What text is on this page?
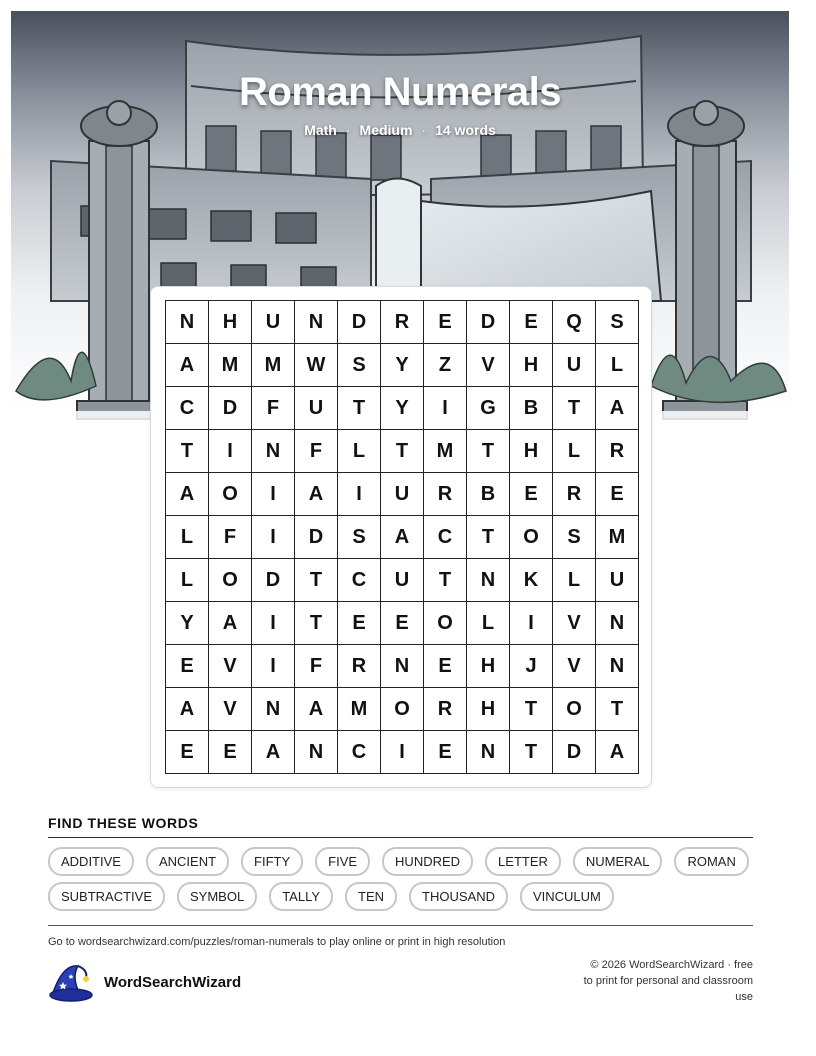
Roman Numerals
Math · Medium · 14 words
N	H	U	N	D	R	E	D	E	Q	S
A	M	M	W	S	Y	Z	V	H	U	L
C	D	F	U	T	Y	I	G	B	T	A
T	I	N	F	L	T	M	T	H	L	R
A	O	I	A	I	U	R	B	E	R	E
L	F	I	D	S	A	C	T	O	S	M
L	O	D	T	C	U	T	N	K	L	U
Y	A	I	T	E	E	O	L	I	V	N
E	V	I	F	R	N	E	H	J	V	N
A	V	N	A	M	O	R	H	T	O	T
E	E	A	N	C	I	E	N	T	D	A
FIND THESE WORDS
ADDITIVE	ANCIENT	FIFTY	FIVE	HUNDRED	LETTER	NUMERAL	ROMAN
SUBTRACTIVE	SYMBOL	TALLY	TEN	THOUSAND	VINCULUM
Go to wordsearchwizard.com/puzzles/roman-numerals to play online or print in high resolution
WordSearchWizard
© 2026 WordSearchWizard · free to print for personal and classroom use
